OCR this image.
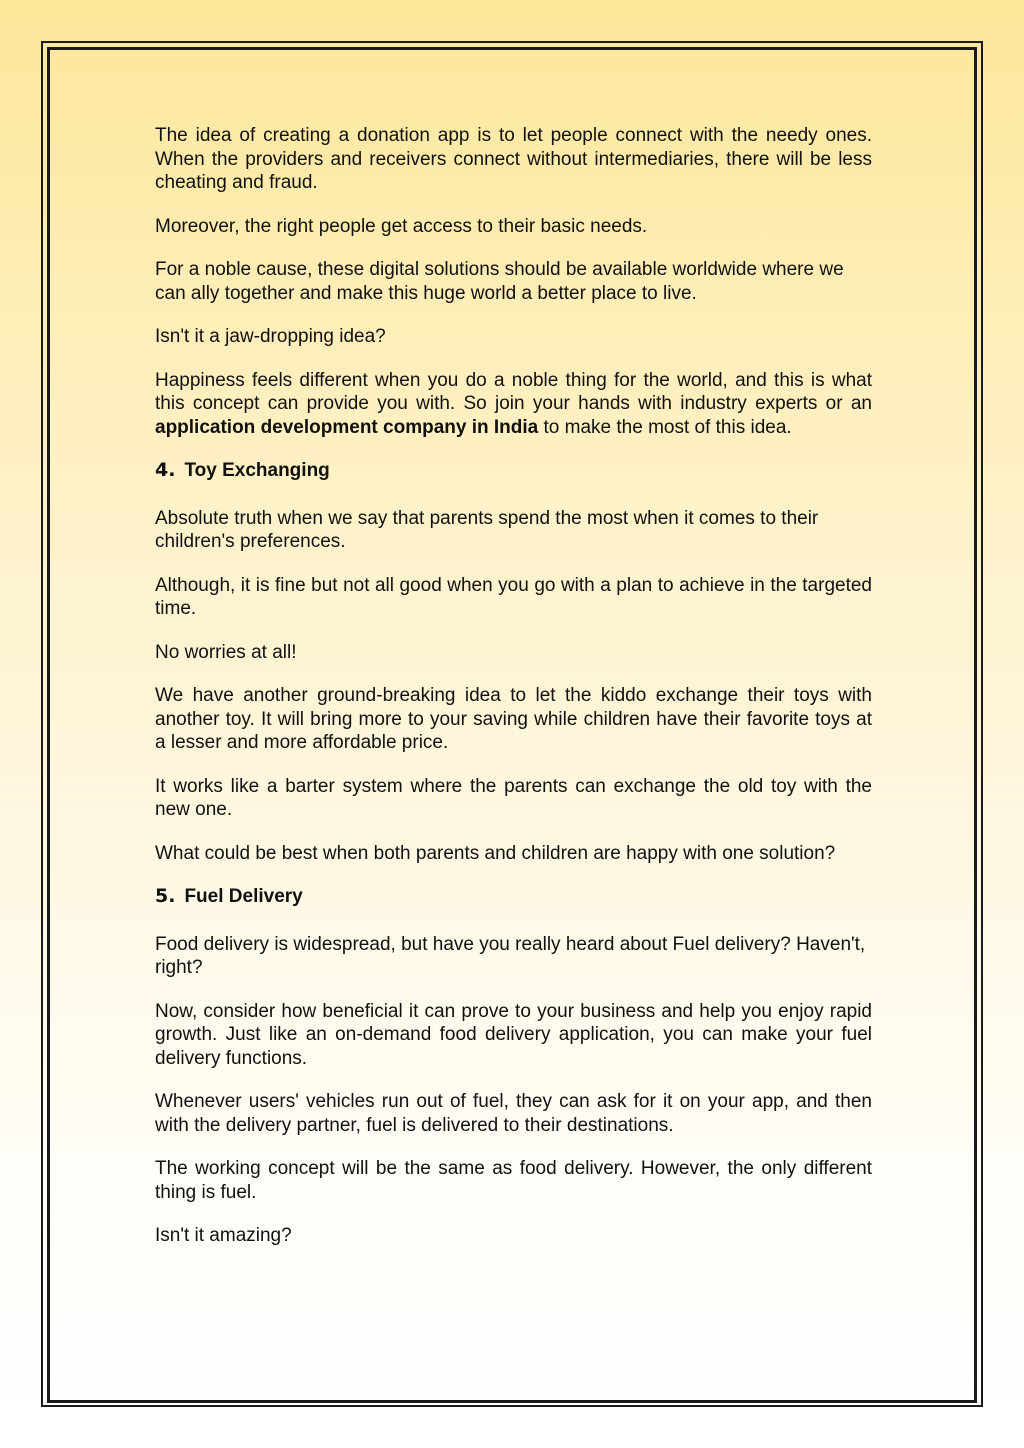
The idea of creating a donation app is to let people connect with the needy ones. When the providers and receivers connect without intermediaries, there will be less cheating and fraud.

Moreover, the right people get access to their basic needs.

For a noble cause, these digital solutions should be available worldwide where we can ally together and make this huge world a better place to live.

Isn't it a jaw-dropping idea?

Happiness feels different when you do a noble thing for the world, and this is what this concept can provide you with. So join your hands with industry experts or an application development company in India to make the most of this idea.

4. Toy Exchanging

Absolute truth when we say that parents spend the most when it comes to their children's preferences.

Although, it is fine but not all good when you go with a plan to achieve in the targeted time.

No worries at all!

We have another ground-breaking idea to let the kiddo exchange their toys with another toy. It will bring more to your saving while children have their favorite toys at a lesser and more affordable price.

It works like a barter system where the parents can exchange the old toy with the new one.

What could be best when both parents and children are happy with one solution?

5. Fuel Delivery

Food delivery is widespread, but have you really heard about Fuel delivery? Haven't, right?

Now, consider how beneficial it can prove to your business and help you enjoy rapid growth. Just like an on-demand food delivery application, you can make your fuel delivery functions.

Whenever users' vehicles run out of fuel, they can ask for it on your app, and then with the delivery partner, fuel is delivered to their destinations.

The working concept will be the same as food delivery. However, the only different thing is fuel.

Isn't it amazing?
